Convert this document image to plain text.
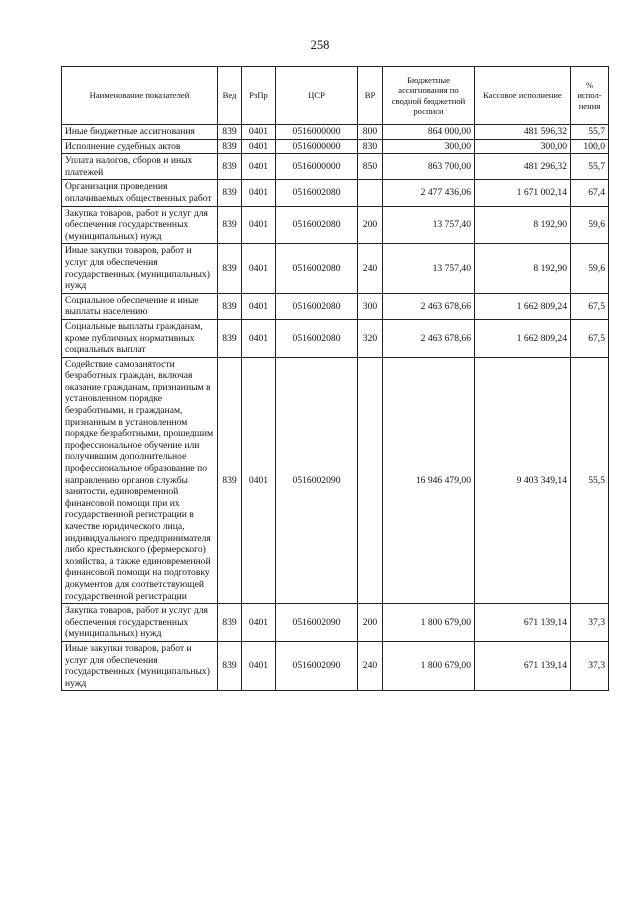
258
Наименование показателей	Вед	РзПр	ЦСР	ВР	Бюджетные ассигнования по сводной бюджетной росписи	Кассовое исполнение	% испол-нения
Иные бюджетные ассигнования	839	0401	0516000000	800	864 000,00	481 596,32	55,7
Исполнение судебных актов	839	0401	0516000000	830	300,00	300,00	100,0
Уплата налогов, сборов и иных платежей	839	0401	0516000000	850	863 700,00	481 296,32	55,7
Организация проведения оплачиваемых общественных работ	839	0401	0516002080		2 477 436,06	1 671 002,14	67,4
Закупка товаров, работ и услуг для обеспечения государственных (муниципальных) нужд	839	0401	0516002080	200	13 757,40	8 192,90	59,6
Иные закупки товаров, работ и услуг для обеспечения государственных (муниципальных) нужд	839	0401	0516002080	240	13 757,40	8 192,90	59,6
Социальное обеспечение и иные выплаты населению	839	0401	0516002080	300	2 463 678,66	1 662 809,24	67,5
Социальные выплаты гражданам, кроме публичных нормативных социальных выплат	839	0401	0516002080	320	2 463 678,66	1 662 809,24	67,5
Содействие самозанятости безработных граждан, включая оказание гражданам, признанным в установленном порядке безработными, и гражданам, признанным в установленном порядке безработными, прошедшим профессиональное обучение или получившим дополнительное профессиональное образование по направлению органов службы занятости, единовременной финансовой помощи при их государственной регистрации в качестве юридического лица, индивидуального предпринимателя либо крестьянского (фермерского) хозяйства, а также единовременной финансовой помощи на подготовку документов для соответствующей государственной регистрации	839	0401	0516002090		16 946 479,00	9 403 349,14	55,5
Закупка товаров, работ и услуг для обеспечения государственных (муниципальных) нужд	839	0401	0516002090	200	1 800 679,00	671 139,14	37,3
Иные закупки товаров, работ и услуг для обеспечения государственных (муниципальных) нужд	839	0401	0516002090	240	1 800 679,00	671 139,14	37,3
